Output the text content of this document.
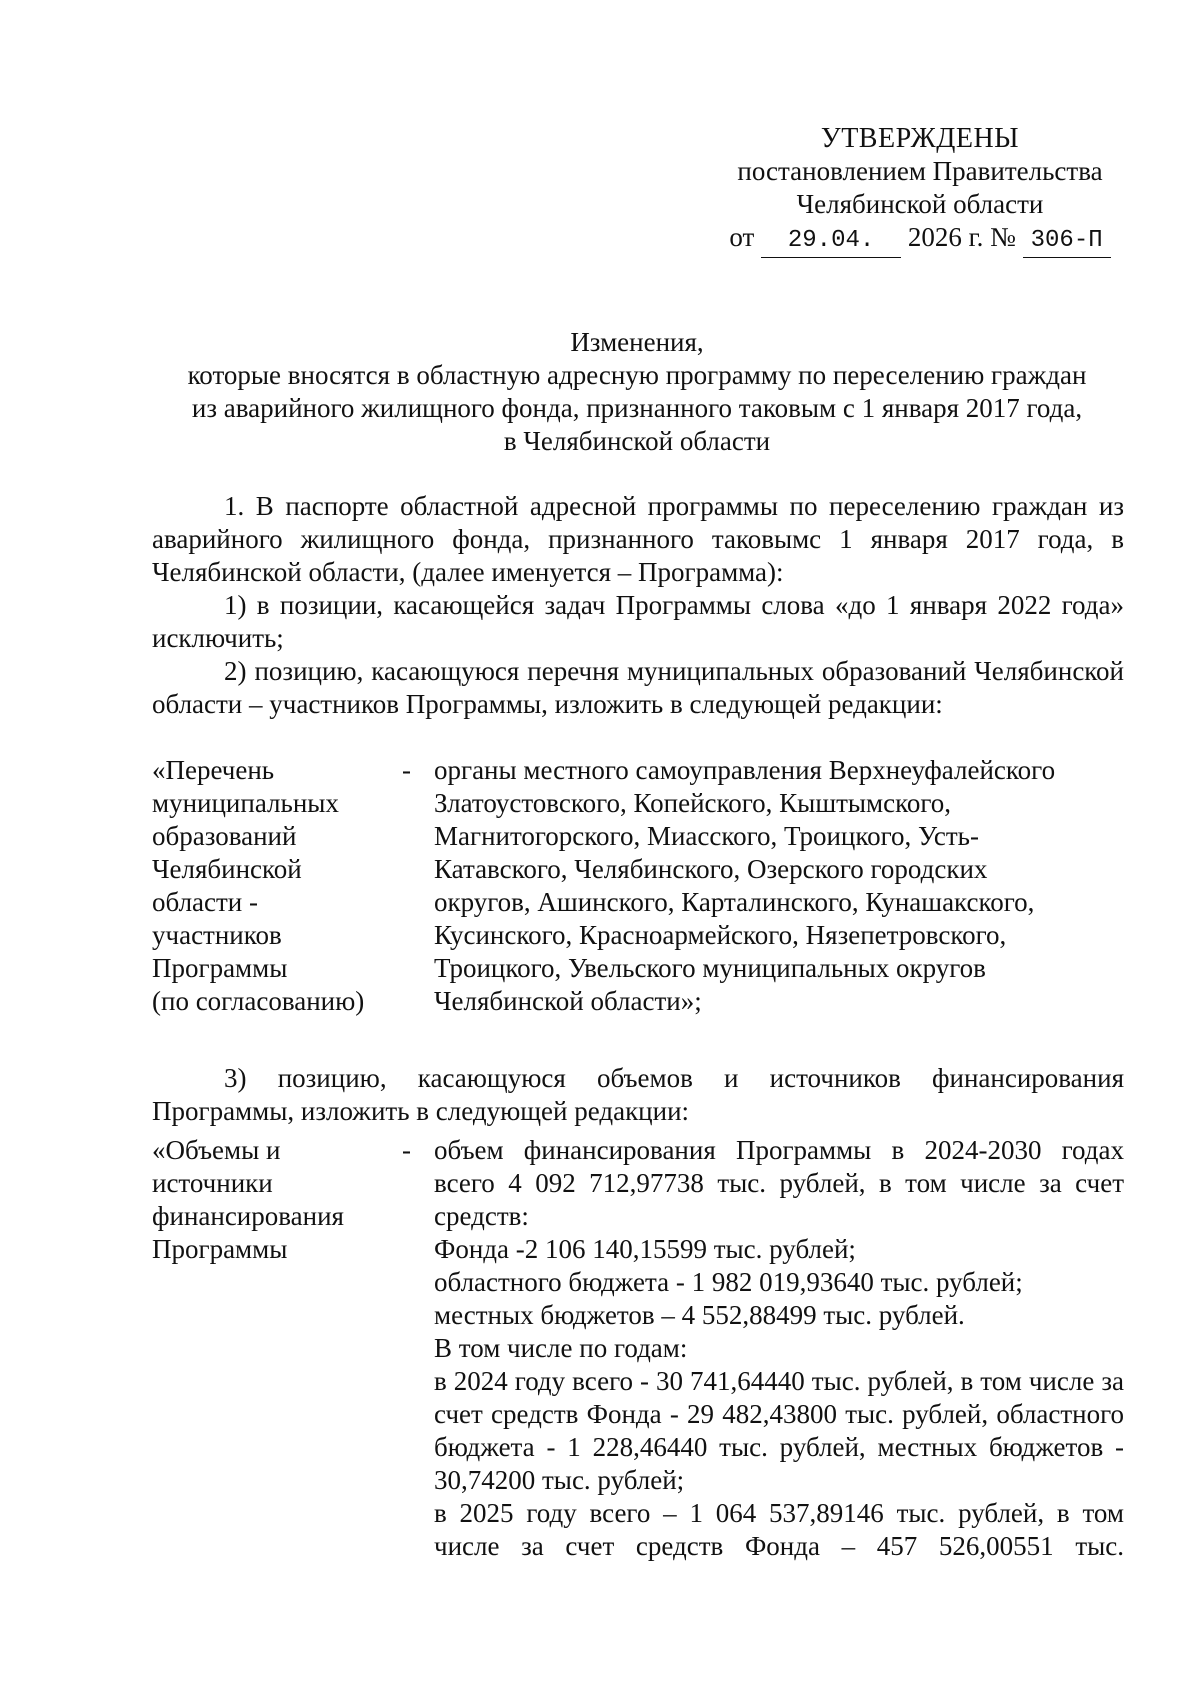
УТВЕРЖДЕНЫ
постановлением Правительства
Челябинской области
от 29.04. 2026 г. № 306-П
Изменения,
которые вносятся в областную адресную программу по переселению граждан
из аварийного жилищного фонда, признанного таковым с 1 января 2017 года,
в Челябинской области

1. В паспорте областной адресной программы по переселению граждан из аварийного жилищного фонда, признанного таковымс 1 января 2017 года, в Челябинской области, (далее именуется – Программа):

1) в позиции, касающейся задач Программы слова «до 1 января 2022 года» исключить;

2) позицию, касающуюся перечня муниципальных образований Челябинской области – участников Программы, изложить в следующей редакции:

«Перечень
муниципальных
образований
Челябинской
области -
участников
Программы
(по согласованию)
- органы местного самоуправления Верхнеуфалейского
Златоустовского, Копейского, Кыштымского,
Магнитогорского, Миасского, Троицкого, Усть-
Катавского, Челябинского, Озерского городских
округов, Ашинского, Карталинского, Кунашакского,
Кусинского, Красноармейского, Нязепетровского,
Троицкого, Увельского муниципальных округов
Челябинской области»;

3) позицию, касающуюся объемов и источников финансирования Программы, изложить в следующей редакции:

«Объемы и
источники
финансирования
Программы
- объем финансирования Программы в 2024-2030 годах всего 4 092 712,97738 тыс. рублей, в том числе за счет средств:

Фонда -2 106 140,15599 тыс. рублей;

областного бюджета - 1 982 019,93640 тыс. рублей;

местных бюджетов – 4 552,88499 тыс. рублей.

В том числе по годам:

в 2024 году всего - 30 741,64440 тыс. рублей, в том числе за счет средств Фонда - 29 482,43800 тыс. рублей, областного бюджета - 1 228,46440 тыс. рублей, местных бюджетов - 30,74200 тыс. рублей;

в 2025 году всего – 1 064 537,89146 тыс. рублей, в том числе за счет средств Фонда – 457 526,00551 тыс.
